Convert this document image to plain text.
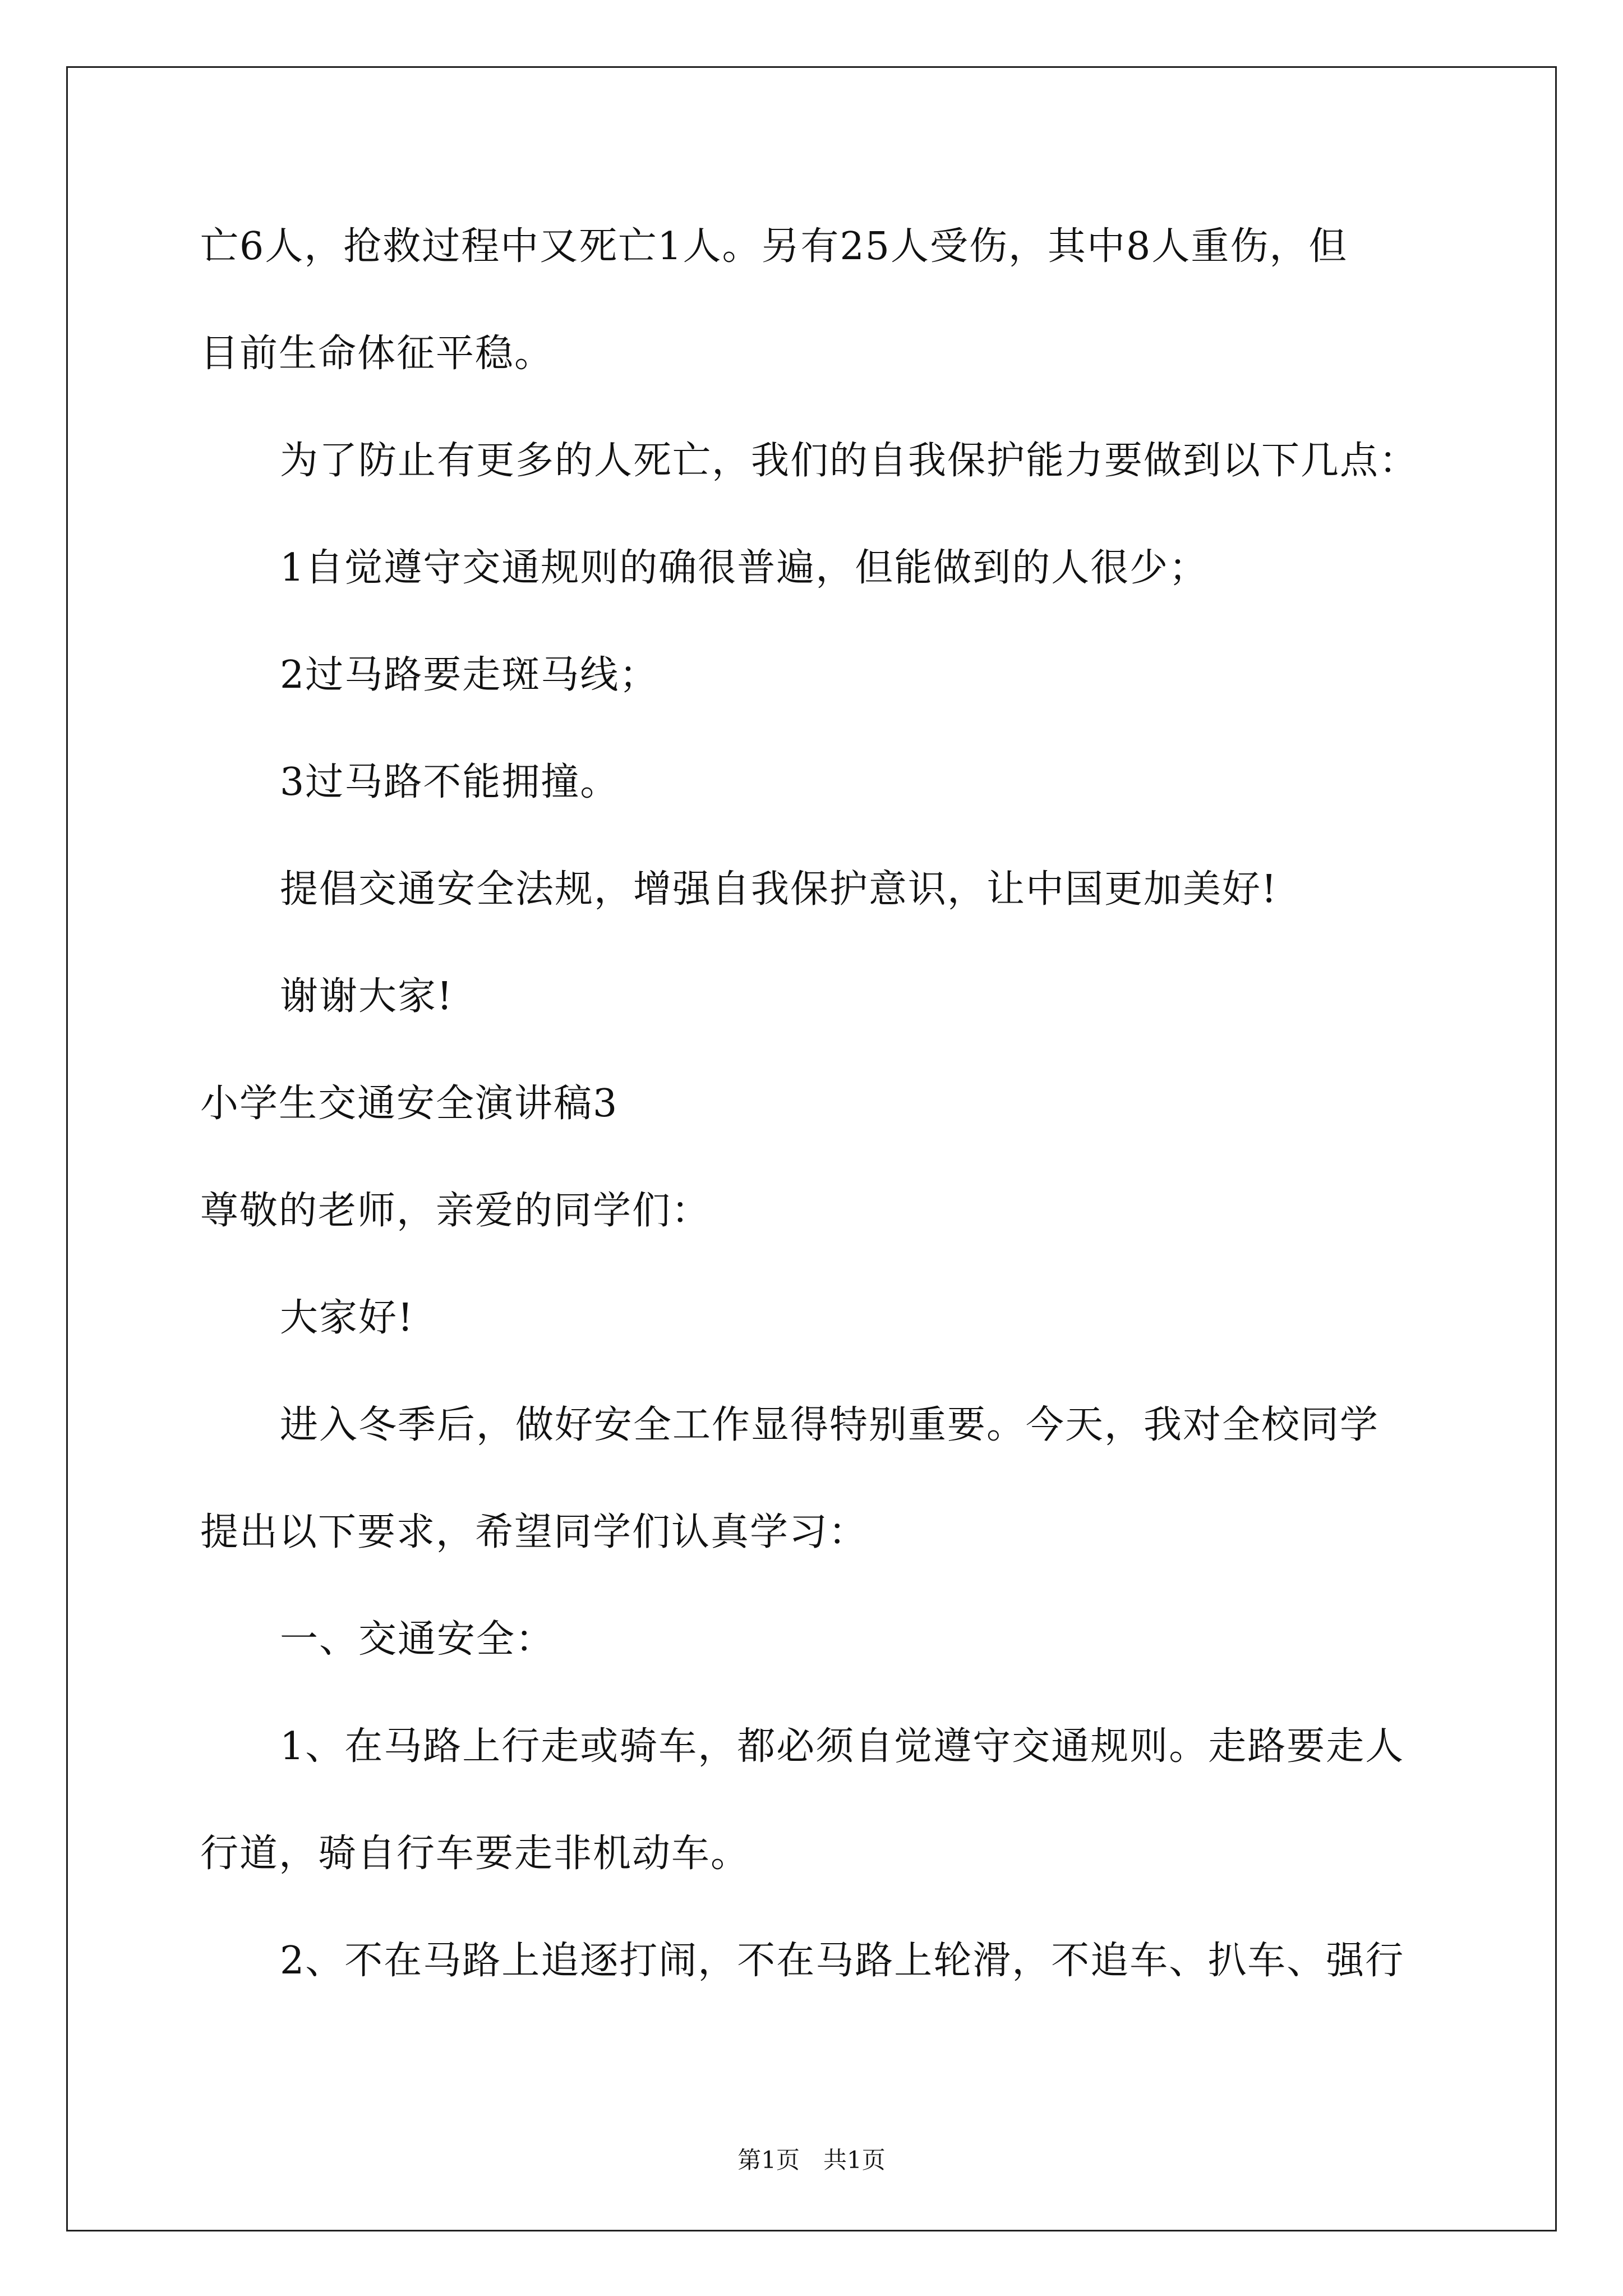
亡6人，抢救过程中又死亡1人。另有25人受伤，其中8人重伤，但
目前生命体征平稳。
为了防止有更多的人死亡，我们的自我保护能力要做到以下几点：
1自觉遵守交通规则的确很普遍，但能做到的人很少；
2过马路要走斑马线；
3过马路不能拥撞。
提倡交通安全法规，增强自我保护意识，让中国更加美好!
谢谢大家!
小学生交通安全演讲稿3
尊敬的老师，亲爱的同学们：
大家好!
进入冬季后，做好安全工作显得特别重要。今天，我对全校同学
提出以下要求，希望同学们认真学习：
一、交通安全：
1、在马路上行走或骑车，都必须自觉遵守交通规则。走路要走人
行道，骑自行车要走非机动车。
2、不在马路上追逐打闹，不在马路上轮滑，不追车、扒车、强行
第1页　共1页
